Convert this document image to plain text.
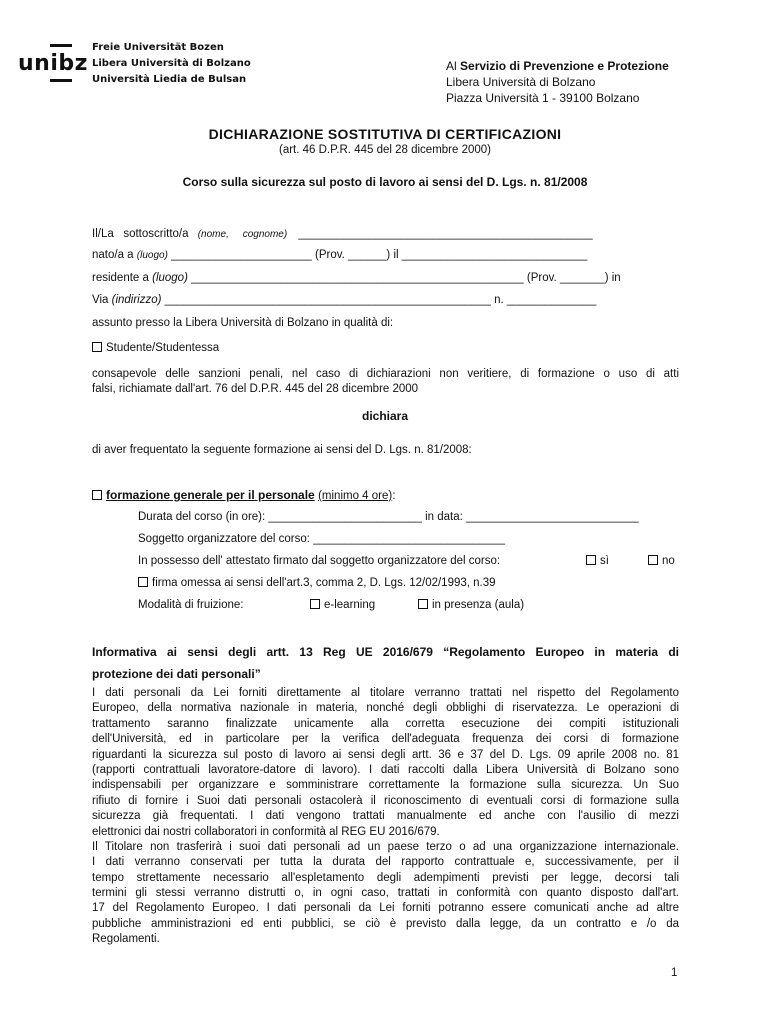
unibz
Freie Universität Bozen
Libera Università di Bolzano
Università Liedia de Bulsan
Al Servizio di Prevenzione e Protezione
Libera Università di Bolzano
Piazza Università 1 - 39100 Bolzano
DICHIARAZIONE SOSTITUTIVA DI CERTIFICAZIONI
(art. 46 D.P.R. 445 del 28 dicembre 2000)
Corso sulla sicurezza sul posto di lavoro ai sensi del D. Lgs. n. 81/2008
Il/La   sottoscritto/a (nome,     cognome) ______________________________________________
nato/a a (luogo) ______________________ (Prov. ______) il _____________________________
residente a (luogo) ____________________________________________________ (Prov. _______) in
Via (indirizzo) ___________________________________________________ n. ______________
assunto presso la Libera Università di Bolzano in qualità di:
Studente/Studentessa
consapevole delle sanzioni penali, nel caso di dichiarazioni non veritiere, di formazione o uso di atti
falsi, richiamate dall'art. 76 del D.P.R. 445 del 28 dicembre 2000
dichiara
di aver frequentato la seguente formazione ai sensi del D. Lgs. n. 81/2008:
formazione generale per il personale (minimo 4 ore):
Durata del corso (in ore): ________________________ in data: ___________________________
Soggetto organizzatore del corso: ______________________________
In possesso dell' attestato firmato dal soggetto organizzatore del corso:	sì	no
firma omessa ai sensi dell'art.3, comma 2, D. Lgs. 12/02/1993, n.39
Modalità di fruizione:	e-learning	in presenza (aula)
Informativa ai sensi degli artt. 13 Reg UE 2016/679 “Regolamento Europeo in materia di
protezione dei dati personali”
I dati personali da Lei forniti direttamente al titolare verranno trattati nel rispetto del Regolamento
Europeo, della normativa nazionale in materia, nonché degli obblighi di riservatezza. Le operazioni di
trattamento saranno finalizzate unicamente alla corretta esecuzione dei compiti istituzionali
dell'Università, ed in particolare per la verifica dell'adeguata frequenza dei corsi di formazione
riguardanti la sicurezza sul posto di lavoro ai sensi degli artt. 36 e 37 del D. Lgs. 09 aprile 2008 no. 81
(rapporti contrattuali lavoratore-datore di lavoro). I dati raccolti dalla Libera Università di Bolzano sono
indispensabili per organizzare e somministrare correttamente la formazione sulla sicurezza. Un Suo
rifiuto di fornire i Suoi dati personali ostacolerà il riconoscimento di eventuali corsi di formazione sulla
sicurezza già frequentati. I dati vengono trattati manualmente ed anche con l'ausilio di mezzi
elettronici dai nostri collaboratori in conformità al REG EU 2016/679.
Il Titolare non trasferirà i suoi dati personali ad un paese terzo o ad una organizzazione internazionale.
I dati verranno conservati per tutta la durata del rapporto contrattuale e, successivamente, per il
tempo strettamente necessario all'espletamento degli adempimenti previsti per legge, decorsi tali
termini gli stessi verranno distrutti o, in ogni caso, trattati in conformità con quanto disposto dall'art.
17 del Regolamento Europeo. I dati personali da Lei forniti potranno essere comunicati anche ad altre
pubbliche amministrazioni ed enti pubblici, se ciò è previsto dalla legge, da un contratto e /o da
Regolamenti.
1
